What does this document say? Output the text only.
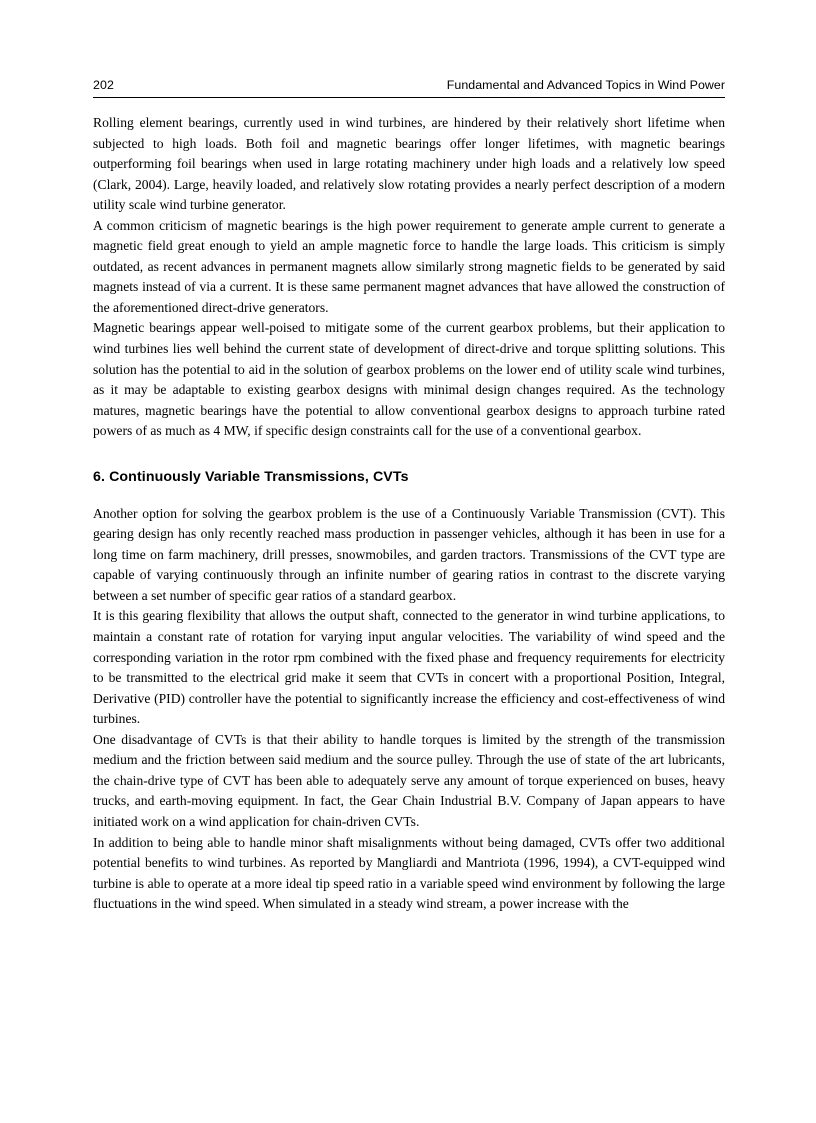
202	Fundamental and Advanced Topics in Wind Power

Rolling element bearings, currently used in wind turbines, are hindered by their relatively short lifetime when subjected to high loads. Both foil and magnetic bearings offer longer lifetimes, with magnetic bearings outperforming foil bearings when used in large rotating machinery under high loads and a relatively low speed (Clark, 2004). Large, heavily loaded, and relatively slow rotating provides a nearly perfect description of a modern utility scale wind turbine generator.

A common criticism of magnetic bearings is the high power requirement to generate ample current to generate a magnetic field great enough to yield an ample magnetic force to handle the large loads. This criticism is simply outdated, as recent advances in permanent magnets allow similarly strong magnetic fields to be generated by said magnets instead of via a current. It is these same permanent magnet advances that have allowed the construction of the aforementioned direct-drive generators.

Magnetic bearings appear well-poised to mitigate some of the current gearbox problems, but their application to wind turbines lies well behind the current state of development of direct-drive and torque splitting solutions. This solution has the potential to aid in the solution of gearbox problems on the lower end of utility scale wind turbines, as it may be adaptable to existing gearbox designs with minimal design changes required. As the technology matures, magnetic bearings have the potential to allow conventional gearbox designs to approach turbine rated powers of as much as 4 MW, if specific design constraints call for the use of a conventional gearbox.

6. Continuously Variable Transmissions, CVTs

Another option for solving the gearbox problem is the use of a Continuously Variable Transmission (CVT). This gearing design has only recently reached mass production in passenger vehicles, although it has been in use for a long time on farm machinery, drill presses, snowmobiles, and garden tractors. Transmissions of the CVT type are capable of varying continuously through an infinite number of gearing ratios in contrast to the discrete varying between a set number of specific gear ratios of a standard gearbox.

It is this gearing flexibility that allows the output shaft, connected to the generator in wind turbine applications, to maintain a constant rate of rotation for varying input angular velocities. The variability of wind speed and the corresponding variation in the rotor rpm combined with the fixed phase and frequency requirements for electricity to be transmitted to the electrical grid make it seem that CVTs in concert with a proportional Position, Integral, Derivative (PID) controller have the potential to significantly increase the efficiency and cost-effectiveness of wind turbines.

One disadvantage of CVTs is that their ability to handle torques is limited by the strength of the transmission medium and the friction between said medium and the source pulley. Through the use of state of the art lubricants, the chain-drive type of CVT has been able to adequately serve any amount of torque experienced on buses, heavy trucks, and earth-moving equipment. In fact, the Gear Chain Industrial B.V. Company of Japan appears to have initiated work on a wind application for chain-driven CVTs.

In addition to being able to handle minor shaft misalignments without being damaged, CVTs offer two additional potential benefits to wind turbines. As reported by Mangliardi and Mantriota (1996, 1994), a CVT-equipped wind turbine is able to operate at a more ideal tip speed ratio in a variable speed wind environment by following the large fluctuations in the wind speed. When simulated in a steady wind stream, a power increase with the
